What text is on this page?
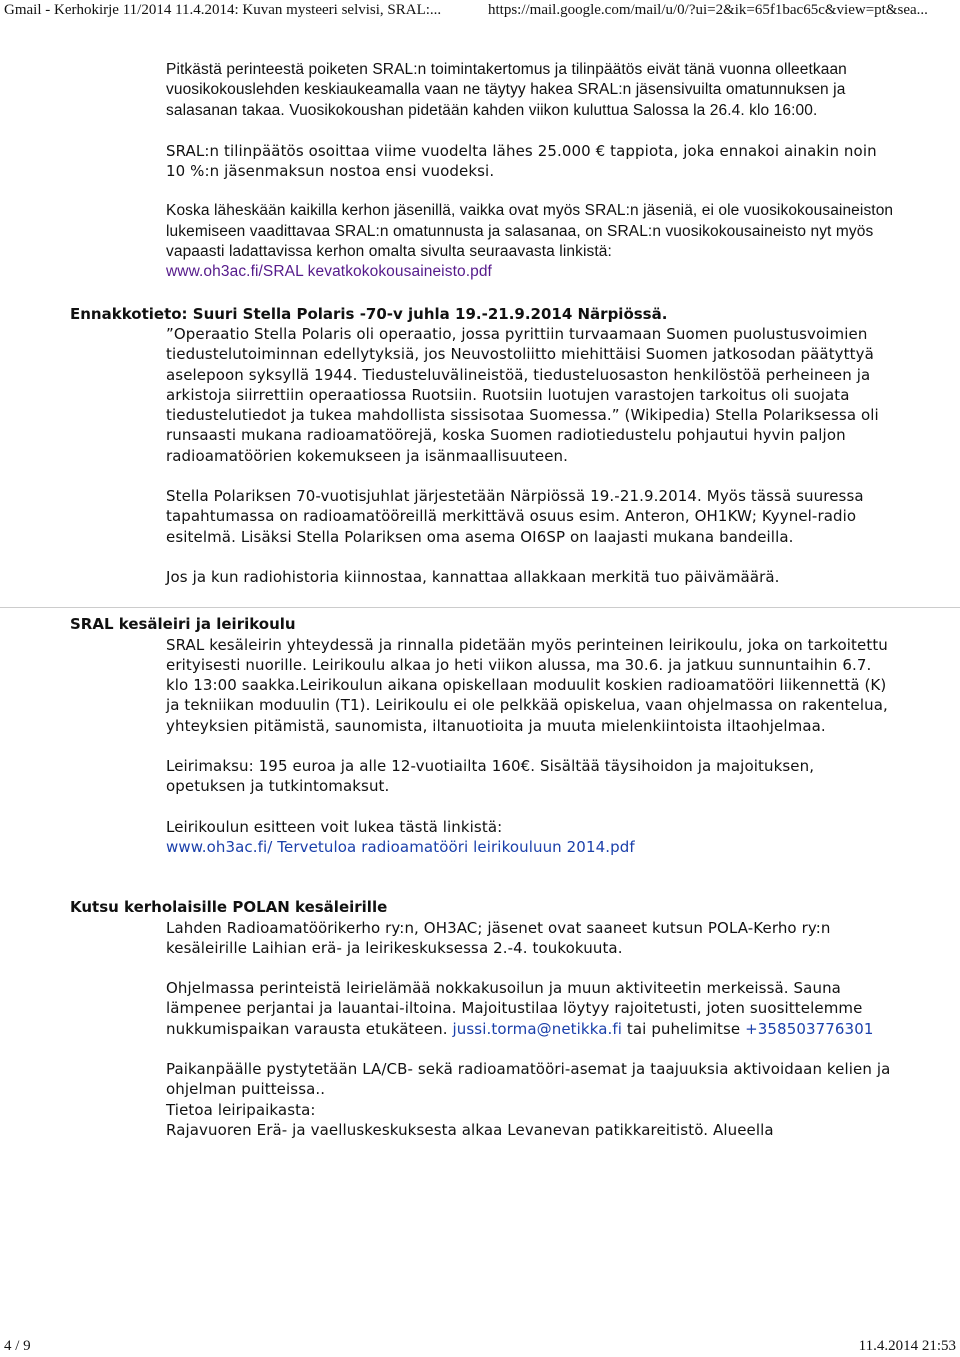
Gmail - Kerhokirje 11/2014 11.4.2014: Kuvan mysteeri selvisi, SRAL:...	https://mail.google.com/mail/u/0/?ui=2&ik=65f1bac65c&view=pt&sea...

Pitkästä perinteestä poiketen SRAL:n toimintakertomus ja tilinpäätös eivät tänä vuonna olleetkaan vuosikokouslehden keskiaukeamalla vaan ne täytyy hakea SRAL:n jäsensivuilta omatunnuksen ja salasanan takaa. Vuosikokoushan pidetään kahden viikon kuluttua Salossa la 26.4. klo 16:00.

SRAL:n tilinpäätös osoittaa viime vuodelta lähes 25.000 € tappiota, joka ennakoi ainakin noin 10 %:n jäsenmaksun nostoa ensi vuodeksi.

Koska läheskään kaikilla kerhon jäsenillä, vaikka ovat myös SRAL:n jäseniä, ei ole vuosikokousaineiston lukemiseen vaadittavaa SRAL:n omatunnusta ja salasanaa, on SRAL:n vuosikokousaineisto nyt myös vapaasti ladattavissa kerhon omalta sivulta seuraavasta linkistä:
www.oh3ac.fi/SRAL kevatkokokousaineisto.pdf

Ennakkotieto: Suuri Stella Polaris -70-v juhla 19.-21.9.2014 Närpiössä.

”Operaatio Stella Polaris oli operaatio, jossa pyrittiin turvaamaan Suomen puolustusvoimien tiedustelutoiminnan edellytyksiä, jos Neuvostoliitto miehittäisi Suomen jatkosodan päätyttyä aselepoon syksyllä 1944. Tiedusteluvälineistöä, tiedusteluosaston henkilöstöä perheineen ja arkistoja siirrettiin operaatiossa Ruotsiin. Ruotsiin luotujen varastojen tarkoitus oli suojata tiedustelutiedot ja tukea mahdollista sissisotaa Suomessa.” (Wikipedia) Stella Polariksessa oli runsaasti mukana radioamatöörejä, koska Suomen radiotiedustelu pohjautui hyvin paljon radioamatöörien kokemukseen ja isänmaallisuuteen.

Stella Polariksen 70-vuotisjuhlat järjestetään Närpiössä 19.-21.9.2014. Myös tässä suuressa tapahtumassa on radioamatööreillä merkittävä osuus esim. Anteron, OH1KW; Kyynel-radio esitelmä. Lisäksi Stella Polariksen oma asema OI6SP on laajasti mukana bandeilla.

Jos ja kun radiohistoria kiinnostaa, kannattaa allakkaan merkitä tuo päivämäärä.

SRAL kesäleiri ja leirikoulu

SRAL kesäleirin yhteydessä ja rinnalla pidetään myös perinteinen leirikoulu, joka on tarkoitettu erityisesti nuorille. Leirikoulu alkaa jo heti viikon alussa, ma 30.6. ja jatkuu sunnuntaihin 6.7. klo 13:00 saakka.Leirikoulun aikana opiskellaan moduulit koskien radioamatööri liikennettä (K) ja tekniikan moduulin (T1). Leirikoulu ei ole pelkkää opiskelua, vaan ohjelmassa on rakentelua, yhteyksien pitämistä, saunomista, iltanuotioita ja muuta mielenkiintoista iltaohjelmaa.

Leirimaksu: 195 euroa ja alle 12-vuotiailta 160€. Sisältää täysihoidon ja majoituksen, opetuksen ja tutkintomaksut.

Leirikoulun esitteen voit lukea tästä linkistä:
www.oh3ac.fi/ Tervetuloa radioamatööri leirikouluun 2014.pdf

Kutsu kerholaisille POLAN kesäleirille

Lahden Radioamatöörikerho ry:n, OH3AC; jäsenet ovat saaneet kutsun POLA-Kerho ry:n kesäleirille Laihian erä- ja leirikeskuksessa 2.-4. toukokuuta.

Ohjelmassa perinteistä leirielämää nokkakusoilun ja muun aktiviteetin merkeissä. Sauna lämpenee perjantai ja lauantai-iltoina. Majoitustilaa löytyy rajoitetusti, joten suosittelemme nukkumispaikan varausta etukäteen. jussi.torma@netikka.fi tai puhelimitse +358503776301

Paikanpäälle pystytetään LA/CB- sekä radioamatööri-asemat ja taajuuksia aktivoidaan kelien ja ohjelman puitteissa..
Tietoa leiripaikasta:
Rajavuoren Erä- ja vaelluskeskuksesta alkaa Levanevan patikkareitistö. Alueella

4 / 9	11.4.2014 21:53
